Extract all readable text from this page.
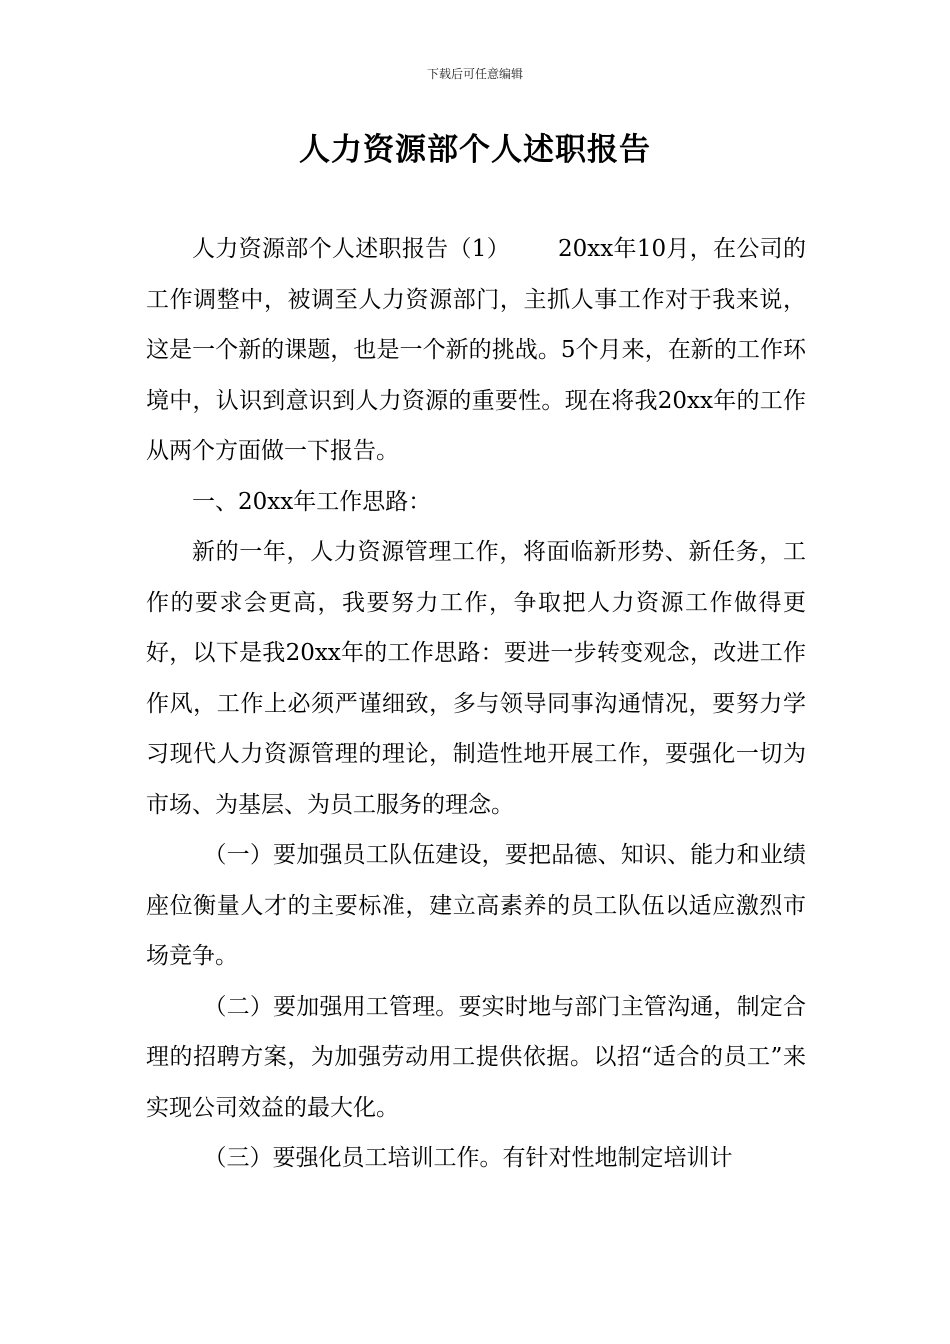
下载后可任意编辑
人力资源部个人述职报告

人力资源部个人述职报告（1） 20xx年10月，在公司的工作调整中，被调至人力资源部门，主抓人事工作对于我来说，这是一个新的课题，也是一个新的挑战。5个月来，在新的工作环境中，认识到意识到人力资源的重要性。现在将我20xx年的工作从两个方面做一下报告。

一、20xx年工作思路：

新的一年，人力资源管理工作，将面临新形势、新任务，工作的要求会更高，我要努力工作，争取把人力资源工作做得更好，以下是我20xx年的工作思路：要进一步转变观念，改进工作作风，工作上必须严谨细致，多与领导同事沟通情况，要努力学习现代人力资源管理的理论，制造性地开展工作，要强化一切为市场、为基层、为员工服务的理念。

（一）要加强员工队伍建设，要把品德、知识、能力和业绩座位衡量人才的主要标准，建立高素养的员工队伍以适应激烈市场竞争。

（二）要加强用工管理。要实时地与部门主管沟通，制定合理的招聘方案，为加强劳动用工提供依据。以招“适合的员工”来实现公司效益的最大化。

（三）要强化员工培训工作。有针对性地制定培训计
